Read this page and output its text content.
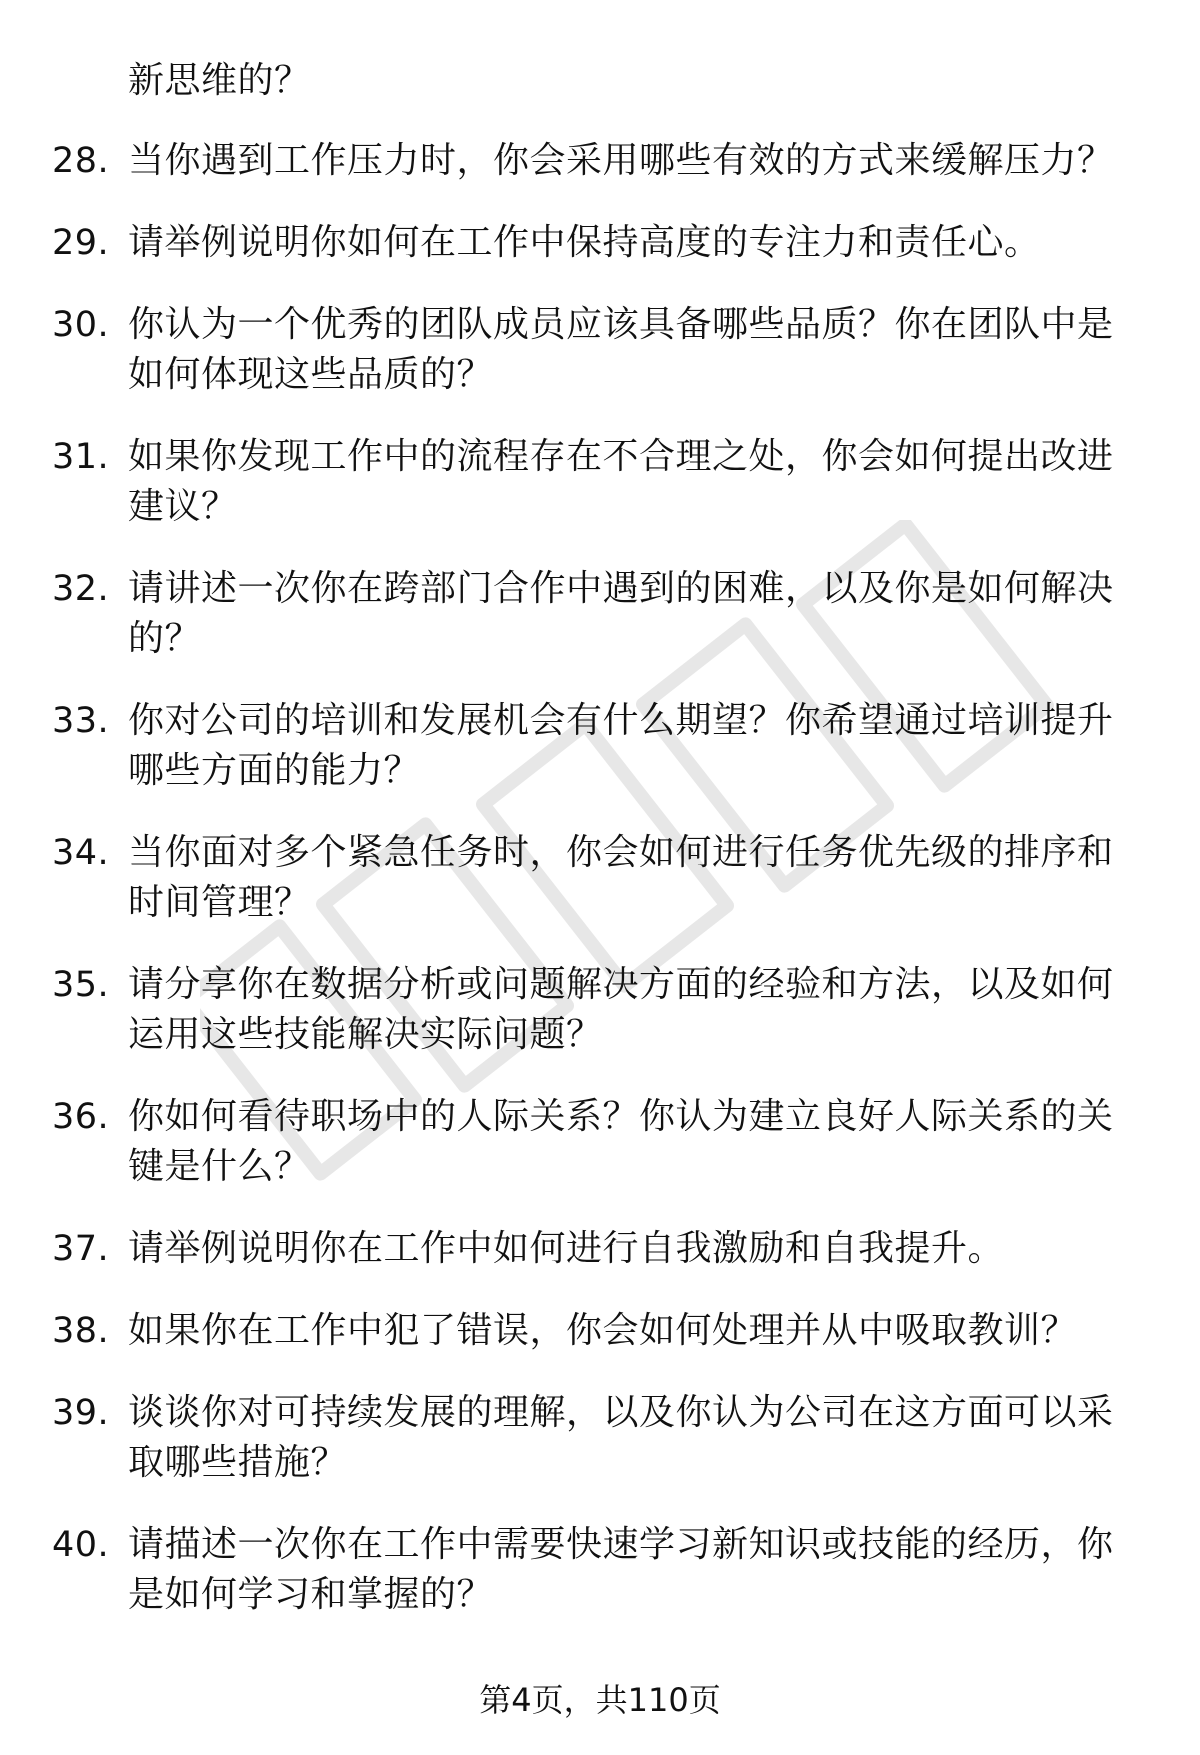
新思维的？
28. 当你遇到工作压力时，你会采用哪些有效的方式来缓解压力？
29. 请举例说明你如何在工作中保持高度的专注力和责任心。
30. 你认为一个优秀的团队成员应该具备哪些品质？你在团队中是如何体现这些品质的？
31. 如果你发现工作中的流程存在不合理之处，你会如何提出改进建议？
32. 请讲述一次你在跨部门合作中遇到的困难，以及你是如何解决的？
33. 你对公司的培训和发展机会有什么期望？你希望通过培训提升哪些方面的能力？
34. 当你面对多个紧急任务时，你会如何进行任务优先级的排序和时间管理？
35. 请分享你在数据分析或问题解决方面的经验和方法，以及如何运用这些技能解决实际问题？
36. 你如何看待职场中的人际关系？你认为建立良好人际关系的关键是什么？
37. 请举例说明你在工作中如何进行自我激励和自我提升。
38. 如果你在工作中犯了错误，你会如何处理并从中吸取教训？
39. 谈谈你对可持续发展的理解，以及你认为公司在这方面可以采取哪些措施？
40. 请描述一次你在工作中需要快速学习新知识或技能的经历，你是如何学习和掌握的？
第4页，共110页
